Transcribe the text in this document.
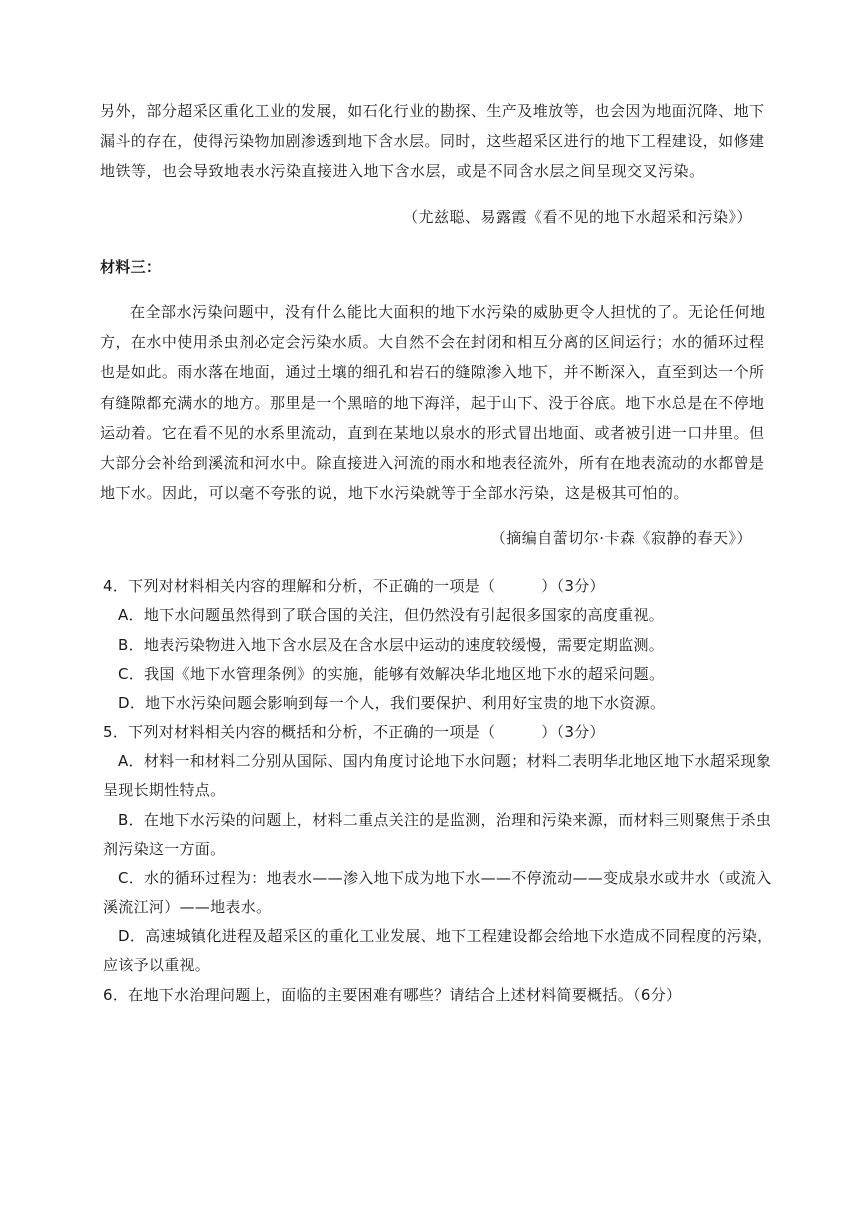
另外，部分超采区重化工业的发展，如石化行业的勘探、生产及堆放等，也会因为地面沉降、地下
漏斗的存在，使得污染物加剧渗透到地下含水层。同时，这些超采区进行的地下工程建设，如修建
地铁等，也会导致地表水污染直接进入地下含水层，或是不同含水层之间呈现交叉污染。
（尤兹聪、易露霞《看不见的地下水超采和污染》）
材料三：
在全部水污染问题中，没有什么能比大面积的地下水污染的威胁更令人担忧的了。无论任何地
方，在水中使用杀虫剂必定会污染水质。大自然不会在封闭和相互分离的区间运行；水的循环过程
也是如此。雨水落在地面，通过土壤的细孔和岩石的缝隙渗入地下，并不断深入，直至到达一个所
有缝隙都充满水的地方。那里是一个黑暗的地下海洋，起于山下、没于谷底。地下水总是在不停地
运动着。它在看不见的水系里流动，直到在某地以泉水的形式冒出地面、或者被引进一口井里。但
大部分会补给到溪流和河水中。除直接进入河流的雨水和地表径流外，所有在地表流动的水都曾是
地下水。因此，可以毫不夸张的说，地下水污染就等于全部水污染，这是极其可怕的。
（摘编自蕾切尔·卡森《寂静的春天》）
4．下列对材料相关内容的理解和分析，不正确的一项是（　　　）（3分）
A．地下水问题虽然得到了联合国的关注，但仍然没有引起很多国家的高度重视。
B．地表污染物进入地下含水层及在含水层中运动的速度较缓慢，需要定期监测。
C．我国《地下水管理条例》的实施，能够有效解决华北地区地下水的超采问题。
D．地下水污染问题会影响到每一个人，我们要保护、利用好宝贵的地下水资源。
5．下列对材料相关内容的概括和分析，不正确的一项是（　　　）（3分）
A．材料一和材料二分别从国际、国内角度讨论地下水问题；材料二表明华北地区地下水超采现象
呈现长期性特点。
B．在地下水污染的问题上，材料二重点关注的是监测，治理和污染来源，而材料三则聚焦于杀虫
剂污染这一方面。
C．水的循环过程为：地表水——渗入地下成为地下水——不停流动——变成泉水或井水（或流入
溪流江河）——地表水。
D．高速城镇化进程及超采区的重化工业发展、地下工程建设都会给地下水造成不同程度的污染，
应该予以重视。
6．在地下水治理问题上，面临的主要困难有哪些？请结合上述材料简要概括。（6分）
